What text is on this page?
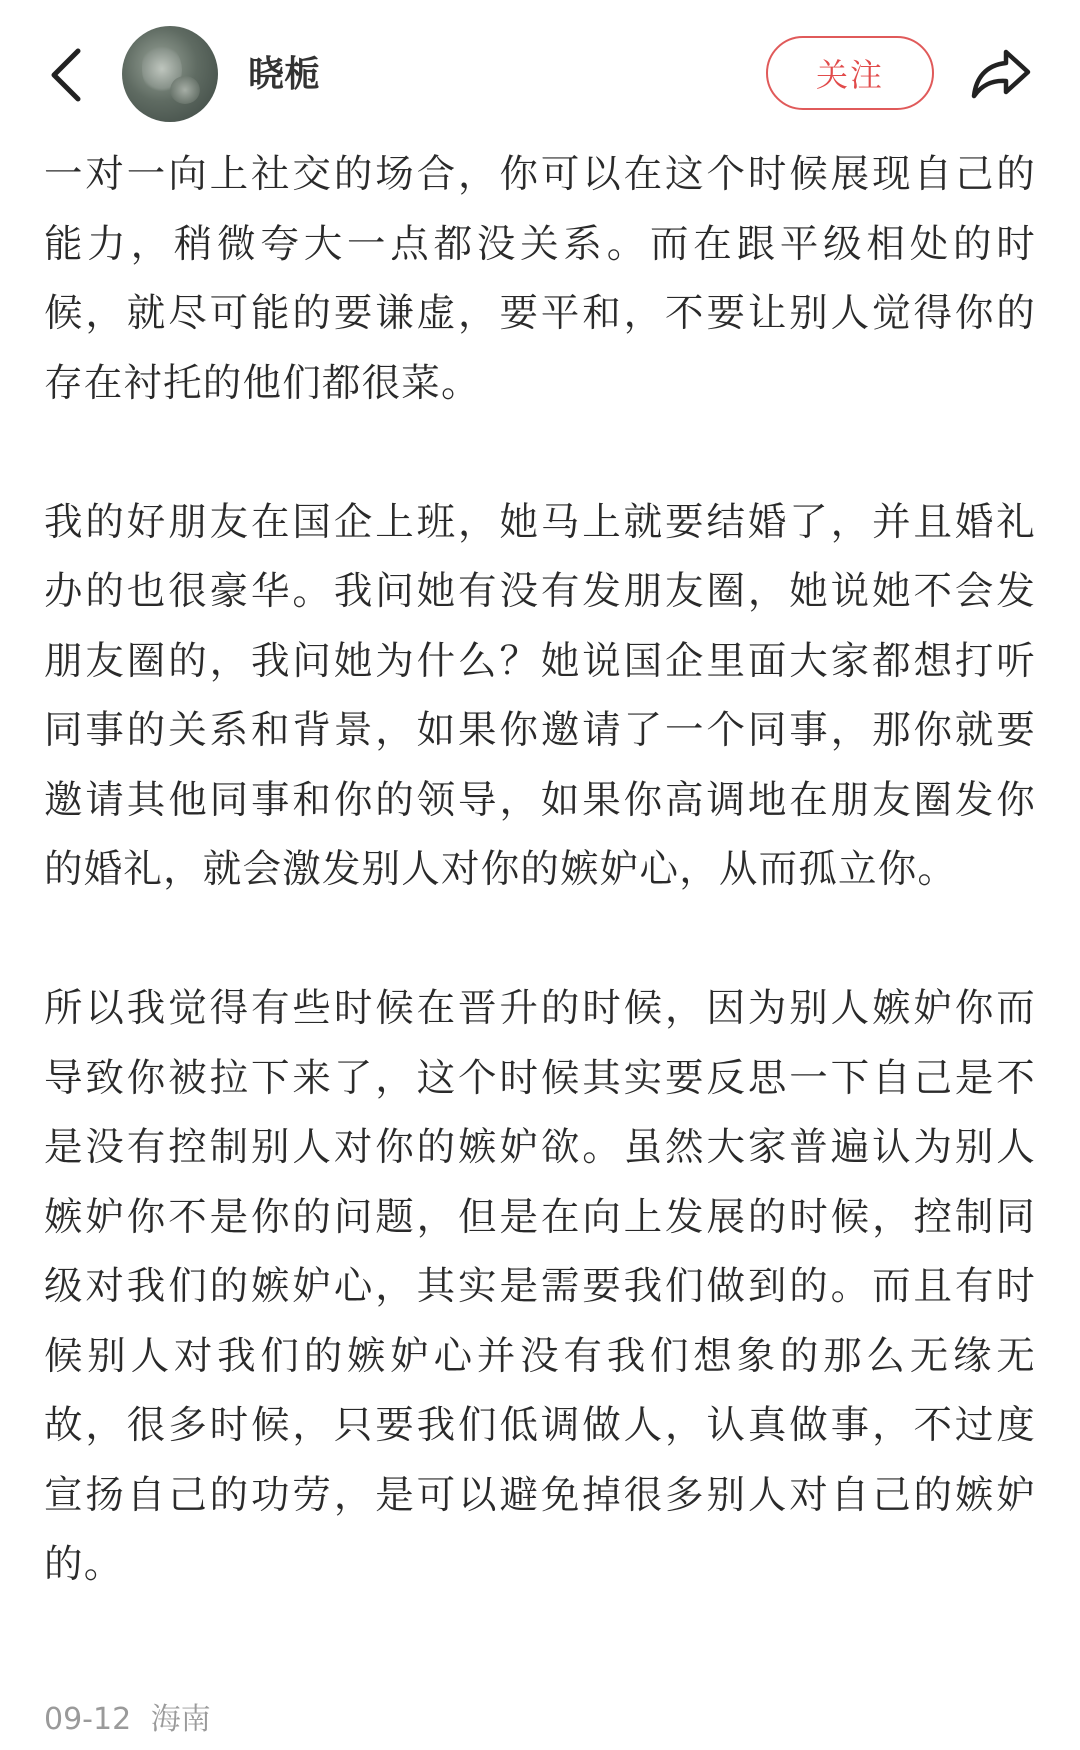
晓栀	关注

一对一向上社交的场合，你可以在这个时候展现自己的能力，稍微夸大一点都没关系。而在跟平级相处的时候，就尽可能的要谦虚，要平和，不要让别人觉得你的存在衬托的他们都很菜。

我的好朋友在国企上班，她马上就要结婚了，并且婚礼办的也很豪华。我问她有没有发朋友圈，她说她不会发朋友圈的，我问她为什么？她说国企里面大家都想打听同事的关系和背景，如果你邀请了一个同事，那你就要邀请其他同事和你的领导，如果你高调地在朋友圈发你的婚礼，就会激发别人对你的嫉妒心，从而孤立你。

所以我觉得有些时候在晋升的时候，因为别人嫉妒你而导致你被拉下来了，这个时候其实要反思一下自己是不是没有控制别人对你的嫉妒欲。虽然大家普遍认为别人嫉妒你不是你的问题，但是在向上发展的时候，控制同级对我们的嫉妒心，其实是需要我们做到的。而且有时候别人对我们的嫉妒心并没有我们想象的那么无缘无故，很多时候，只要我们低调做人，认真做事，不过度宣扬自己的功劳，是可以避免掉很多别人对自己的嫉妒的。

09-12 海南
